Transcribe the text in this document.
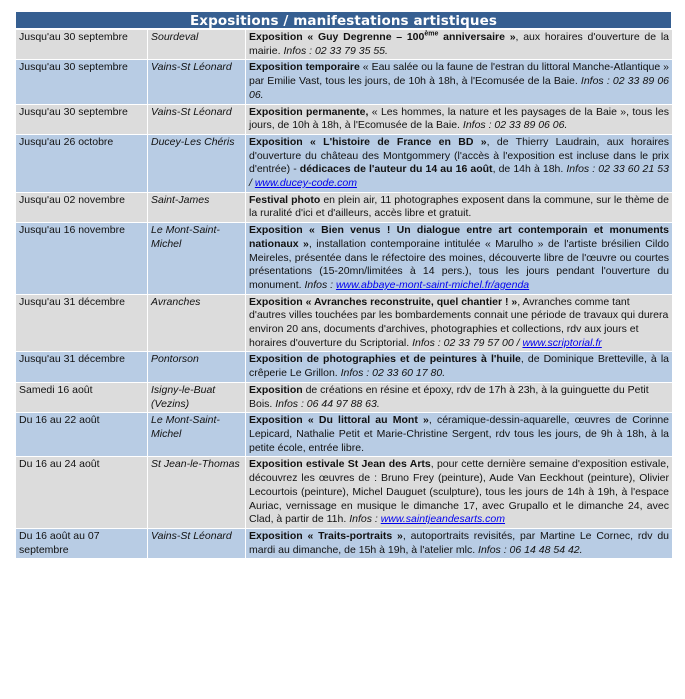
Expositions / manifestations artistiques
Jusqu'au 30 septembre	Sourdeval	Exposition « Guy Degrenne – 100ème anniversaire », aux horaires d'ouverture de la mairie. Infos : 02 33 79 35 55.
Jusqu'au 30 septembre	Vains-St Léonard	Exposition temporaire « Eau salée ou la faune de l'estran du littoral Manche-Atlantique » par Emilie Vast, tous les jours, de 10h à 18h, à l'Ecomusée de la Baie. Infos : 02 33 89 06 06.
Jusqu'au 30 septembre	Vains-St Léonard	Exposition permanente, « Les hommes, la nature et les paysages de la Baie », tous les jours, de 10h à 18h, à l'Ecomusée de la Baie. Infos : 02 33 89 06 06.
Jusqu'au 26 octobre	Ducey-Les Chéris	Exposition « L'histoire de France en BD », de Thierry Laudrain, aux horaires d'ouverture du château des Montgommery (l'accès à l'exposition est incluse dans le prix d'entrée) - dédicaces de l'auteur du 14 au 16 août, de 14h à 18h. Infos : 02 33 60 21 53 / www.ducey-code.com
Jusqu'au 02 novembre	Saint-James	Festival photo en plein air, 11 photographes exposent dans la commune, sur le thème de la ruralité d'ici et d'ailleurs, accès libre et gratuit.
Jusqu'au 16 novembre	Le Mont-Saint-Michel	Exposition « Bien venus ! Un dialogue entre art contemporain et monuments nationaux », installation contemporaine intitulée « Marulho » de l'artiste brésilien Cildo Meireles, présentée dans le réfectoire des moines, découverte libre de l'œuvre ou courtes présentations (15-20mn/limitées à 14 pers.), tous les jours pendant l'ouverture du monument. Infos : www.abbaye-mont-saint-michel.fr/agenda
Jusqu'au 31 décembre	Avranches	Exposition « Avranches reconstruite, quel chantier ! », Avranches comme tant d'autres villes touchées par les bombardements connait une période de travaux qui durera environ 20 ans, documents d'archives, photographies et collections, rdv aux jours et horaires d'ouverture du Scriptorial. Infos : 02 33 79 57 00 / www.scriptorial.fr
Jusqu'au 31 décembre	Pontorson	Exposition de photographies et de peintures à l'huile, de Dominique Bretteville, à la crêperie Le Grillon. Infos : 02 33 60 17 80.
Samedi 16 août	Isigny-le-Buat (Vezins)	Exposition de créations en résine et époxy, rdv de 17h à 23h, à la guinguette du Petit Bois. Infos : 06 44 97 88 63.
Du 16 au 22 août	Le Mont-Saint-Michel	Exposition « Du littoral au Mont », céramique-dessin-aquarelle, œuvres de Corinne Lepicard, Nathalie Petit et Marie-Christine Sergent, rdv tous les jours, de 9h à 18h, à la petite école, entrée libre.
Du 16 au 24 août	St Jean-le-Thomas	Exposition estivale St Jean des Arts, pour cette dernière semaine d'exposition estivale, découvrez les œuvres de : Bruno Frey (peinture), Aude Van Eeckhout (peinture), Olivier Lecourtois (peinture), Michel Dauguet (sculpture), tous les jours de 14h à 19h, à l'espace Auriac, vernissage en musique le dimanche 17, avec Grupallo et le dimanche 24, avec Clad, à partir de 11h. Infos : www.saintjeandesarts.com
Du 16 août au 07 septembre	Vains-St Léonard	Exposition « Traits-portraits », autoportraits revisités, par Martine Le Cornec, rdv du mardi au dimanche, de 15h à 19h, à l'atelier mlc. Infos : 06 14 48 54 42.
